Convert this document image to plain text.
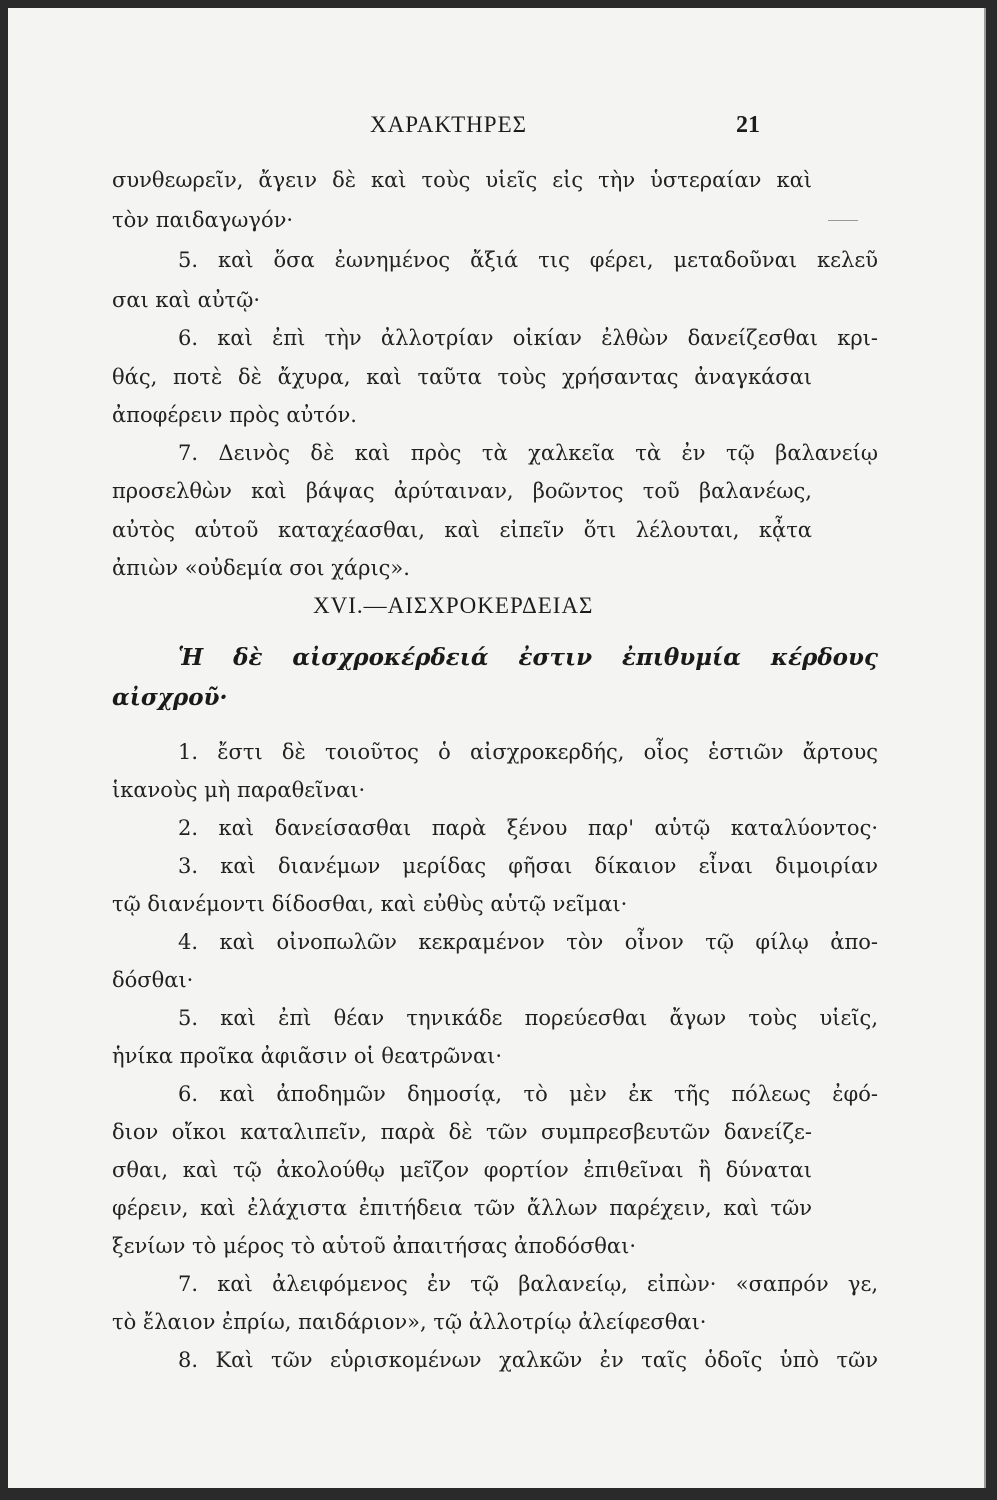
ΧΑΡΑΚΤΗΡΕΣ	21
συνθεωρεῖν, ἄγειν δὲ καὶ τοὺς υἱεῖς εἰς τὴν ὑστεραίαν καὶ
τὸν παιδαγωγόν·
5. καὶ ὅσα ἐωνημένος ἄξιά τις φέρει, μεταδοῦναι κελεῦ
σαι καὶ αὐτῷ·
6. καὶ ἐπὶ τὴν ἀλλοτρίαν οἰκίαν ἐλθὼν δανείζεσθαι κρι-
θάς, ποτὲ δὲ ἄχυρα, καὶ ταῦτα τοὺς χρήσαντας ἀναγκάσαι
ἀποφέρειν πρὸς αὐτόν.
7. Δεινὸς δὲ καὶ πρὸς τὰ χαλκεῖα τὰ ἐν τῷ βαλανείῳ
προσελθὼν καὶ βάψας ἀρύταιναν, βοῶντος τοῦ βαλανέως,
αὐτὸς αὑτοῦ καταχέασθαι, καὶ εἰπεῖν ὅτι λέλουται, κᾆτα
ἀπιὼν «οὐδεμία σοι χάρις».
XVI.—ΑΙΣΧΡΟΚΕΡΔΕΙΑΣ
Ἡ δὲ αἰσχροκέρδειά ἐστιν ἐπιθυμία κέρδους
αἰσχροῦ·
1. ἔστι δὲ τοιοῦτος ὁ αἰσχροκερδής, οἷος ἑστιῶν ἄρτους
ἱκανοὺς μὴ παραθεῖναι·
2. καὶ δανείσασθαι παρὰ ξένου παρ' αὑτῷ καταλύοντος·
3. καὶ διανέμων μερίδας φῆσαι δίκαιον εἶναι διμοιρίαν
τῷ διανέμοντι δίδοσθαι, καὶ εὐθὺς αὑτῷ νεῖμαι·
4. καὶ οἰνοπωλῶν κεκραμένον τὸν οἶνον τῷ φίλῳ ἀπο-
δόσθαι·
5. καὶ ἐπὶ θέαν τηνικάδε πορεύεσθαι ἄγων τοὺς υἱεῖς,
ἡνίκα προῖκα ἀφιᾶσιν οἱ θεατρῶναι·
6. καὶ ἀποδημῶν δημοσίᾳ, τὸ μὲν ἐκ τῆς πόλεως ἐφό-
διον οἴκοι καταλιπεῖν, παρὰ δὲ τῶν συμπρεσβευτῶν δανείζε-
σθαι, καὶ τῷ ἀκολούθῳ μεῖζον φορτίον ἐπιθεῖναι ἢ δύναται
φέρειν, καὶ ἐλάχιστα ἐπιτήδεια τῶν ἄλλων παρέχειν, καὶ τῶν
ξενίων τὸ μέρος τὸ αὑτοῦ ἀπαιτήσας ἀποδόσθαι·
7. καὶ ἀλειφόμενος ἐν τῷ βαλανείῳ, εἰπὼν· «σαπρόν γε,
τὸ ἔλαιον ἐπρίω, παιδάριον», τῷ ἀλλοτρίῳ ἀλείφεσθαι·
8. Καὶ τῶν εὑρισκομένων χαλκῶν ἐν ταῖς ὁδοῖς ὑπὸ τῶν
